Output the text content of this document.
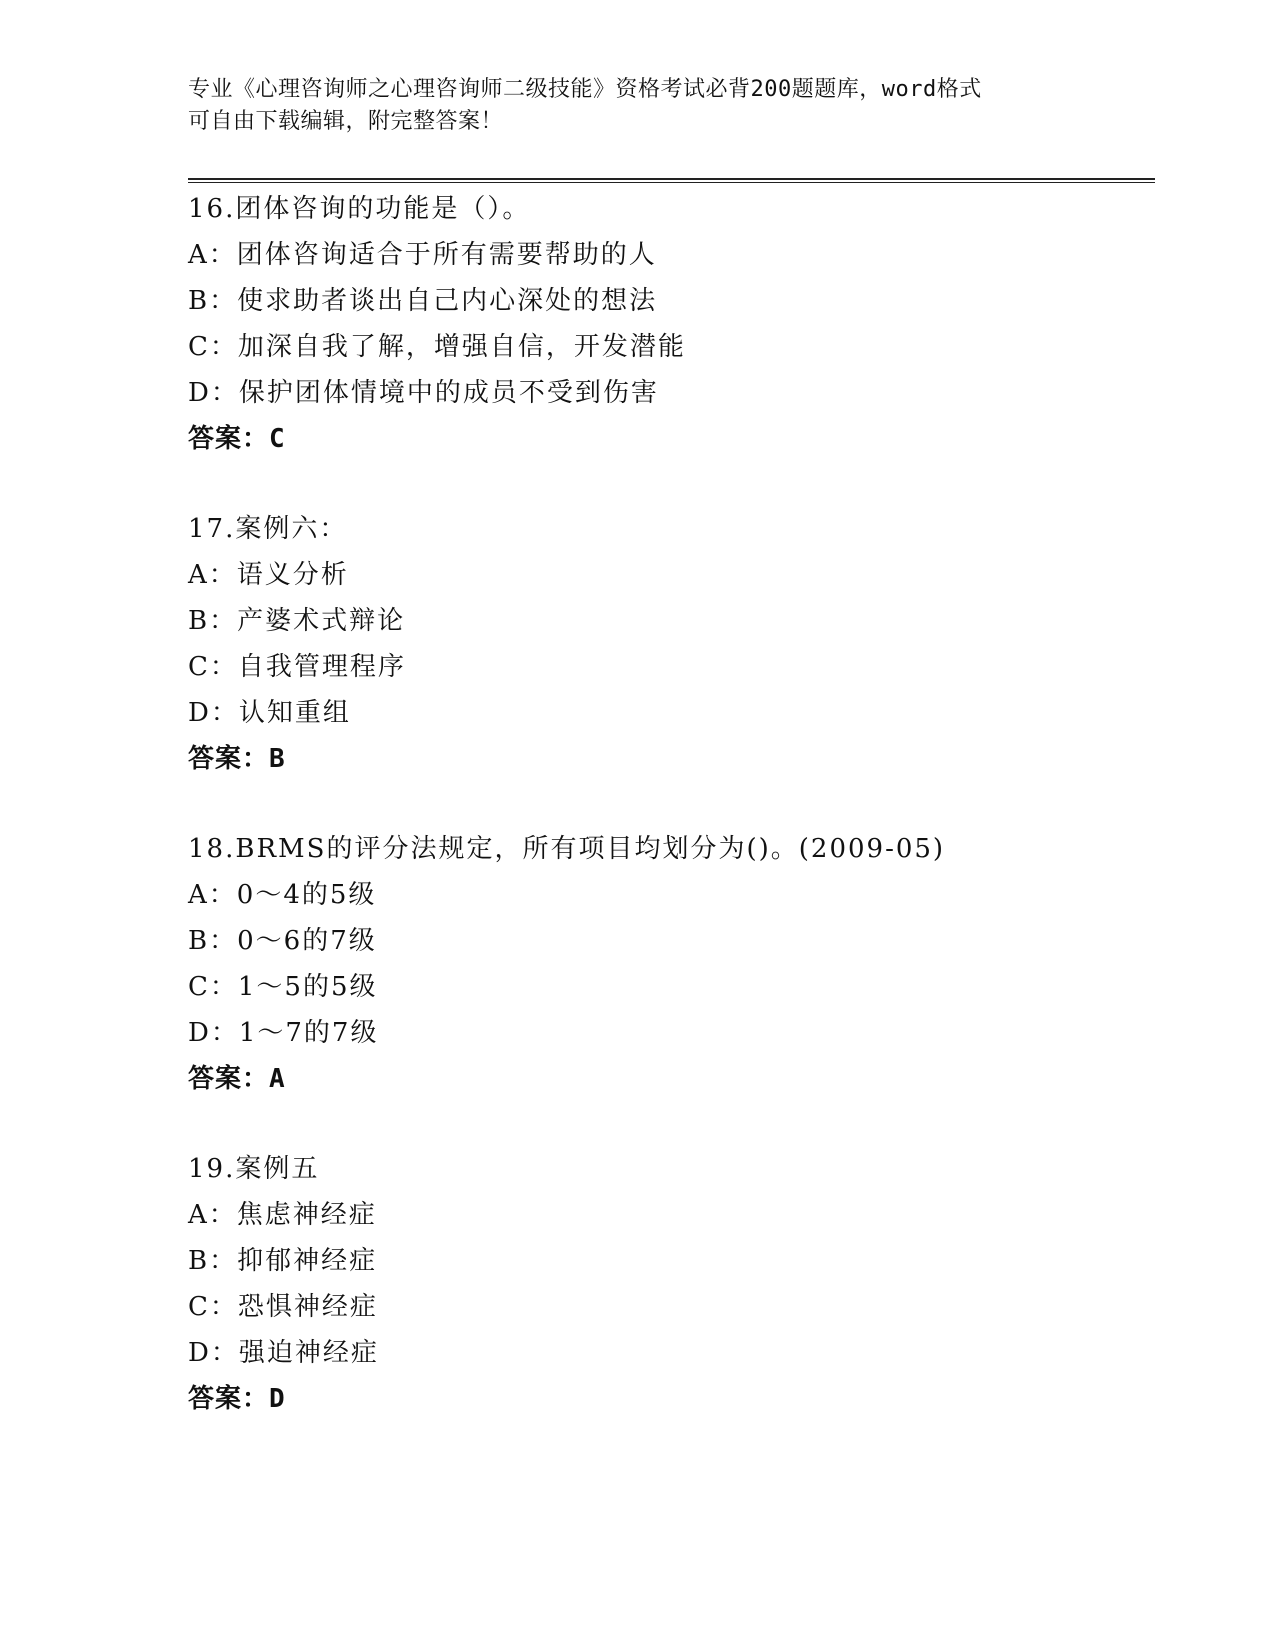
专业《心理咨询师之心理咨询师二级技能》资格考试必背200题题库，word格式
可自由下载编辑，附完整答案！
16.团体咨询的功能是（）。
A：团体咨询适合于所有需要帮助的人
B：使求助者谈出自己内心深处的想法
C：加深自我了解，增强自信，开发潜能
D：保护团体情境中的成员不受到伤害
答案：C
17.案例六：
A：语义分析
B：产婆术式辩论
C：自我管理程序
D：认知重组
答案：B
18.BRMS的评分法规定，所有项目均划分为()。(2009-05)
A：0～4的5级
B：0～6的7级
C：1～5的5级
D：1～7的7级
答案：A
19.案例五
A：焦虑神经症
B：抑郁神经症
C：恐惧神经症
D：强迫神经症
答案：D
